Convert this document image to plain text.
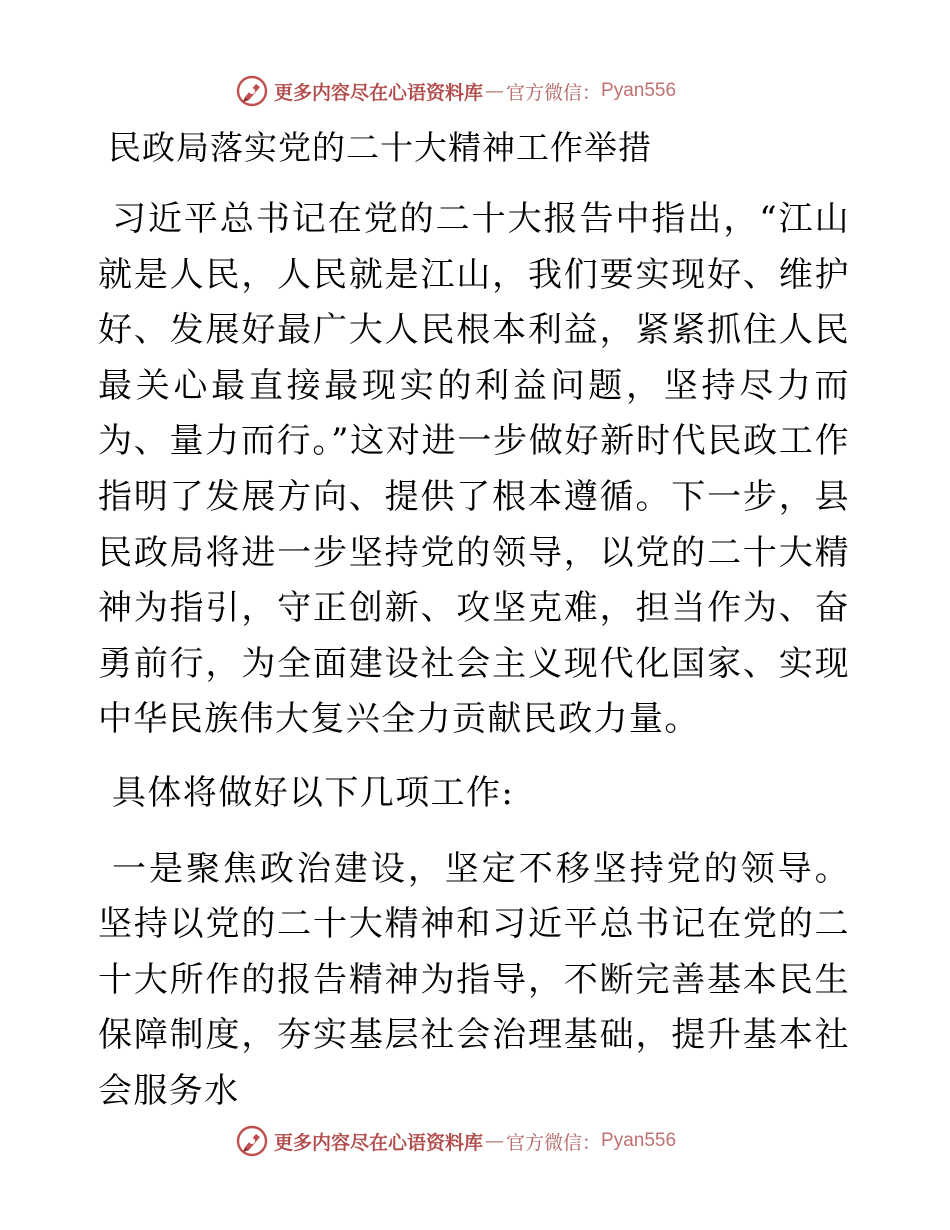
更多内容尽在心语资料库 — 官方微信： Pyan556
民政局落实党的二十大精神工作举措

习近平总书记在党的二十大报告中指出，“江山就是人民，人民就是江山，我们要实现好、维护好、发展好最广大人民根本利益，紧紧抓住人民最关心最直接最现实的利益问题，坚持尽力而为、量力而行。”这对进一步做好新时代民政工作指明了发展方向、提供了根本遵循。下一步，县民政局将进一步坚持党的领导，以党的二十大精神为指引，守正创新、攻坚克难，担当作为、奋勇前行，为全面建设社会主义现代化国家、实现中华民族伟大复兴全力贡献民政力量。

具体将做好以下几项工作:

一是聚焦政治建设，坚定不移坚持党的领导。坚持以党的二十大精神和习近平总书记在党的二十大所作的报告精神为指导，不断完善基本民生保障制度，夯实基层社会治理基础，提升基本社会服务水

更多内容尽在心语资料库 — 官方微信： Pyan556
